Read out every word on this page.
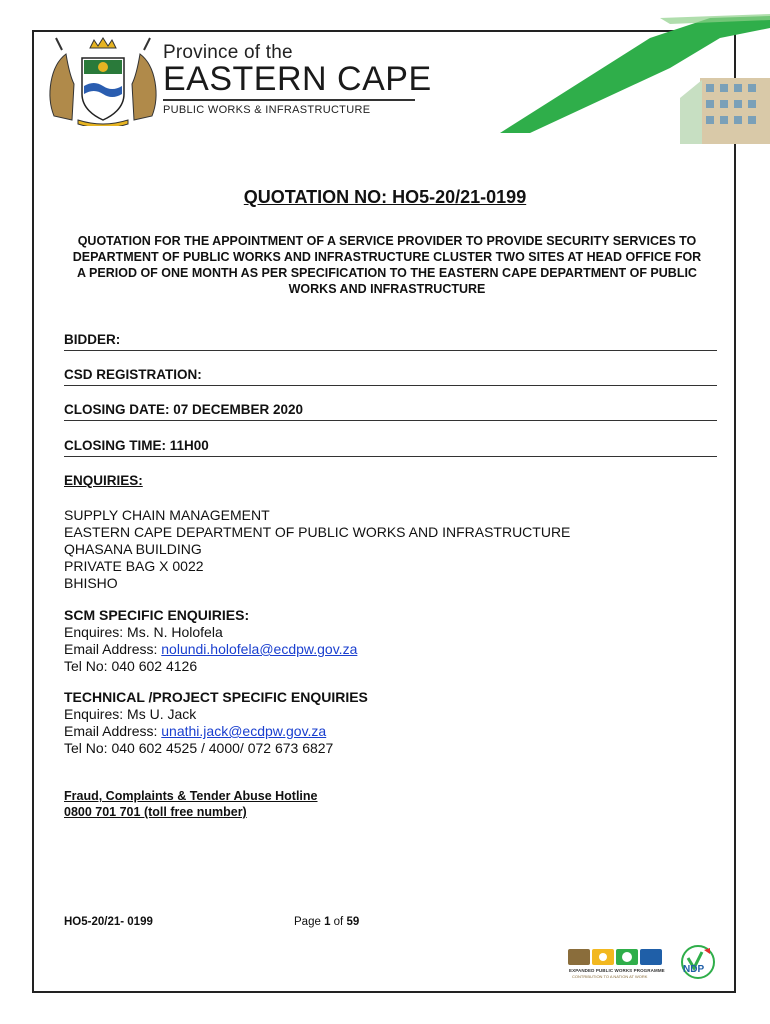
Province of the
EASTERN CAPE
PUBLIC WORKS & INFRASTRUCTURE
QUOTATION NO: HO5-20/21-0199
QUOTATION FOR THE APPOINTMENT OF A SERVICE PROVIDER TO PROVIDE SECURITY SERVICES TO DEPARTMENT OF PUBLIC WORKS AND INFRASTRUCTURE CLUSTER TWO SITES AT HEAD OFFICE FOR A PERIOD OF ONE MONTH AS PER SPECIFICATION TO THE EASTERN CAPE DEPARTMENT OF PUBLIC WORKS AND INFRASTRUCTURE
BIDDER:
CSD REGISTRATION:
CLOSING DATE: 07 DECEMBER 2020
CLOSING TIME: 11H00
ENQUIRIES:
SUPPLY CHAIN MANAGEMENT
EASTERN CAPE DEPARTMENT OF PUBLIC WORKS AND INFRASTRUCTURE
QHASANA BUILDING
PRIVATE BAG X 0022
BHISHO
SCM SPECIFIC ENQUIRIES:
Enquires: Ms. N. Holofela
Email Address: nolundi.holofela@ecdpw.gov.za
Tel No: 040 602 4126
TECHNICAL /PROJECT SPECIFIC ENQUIRIES
Enquires: Ms U. Jack
Email Address: unathi.jack@ecdpw.gov.za
Tel No: 040 602 4525 / 4000/ 072 673 6827
Fraud, Complaints & Tender Abuse Hotline
0800 701 701 (toll free number)
HO5-20/21- 0199	Page 1 of 59
EXPANDED PUBLIC WORKS PROGRAMME
CONTRIBUTION TO A NATION AT WORK
NDP
